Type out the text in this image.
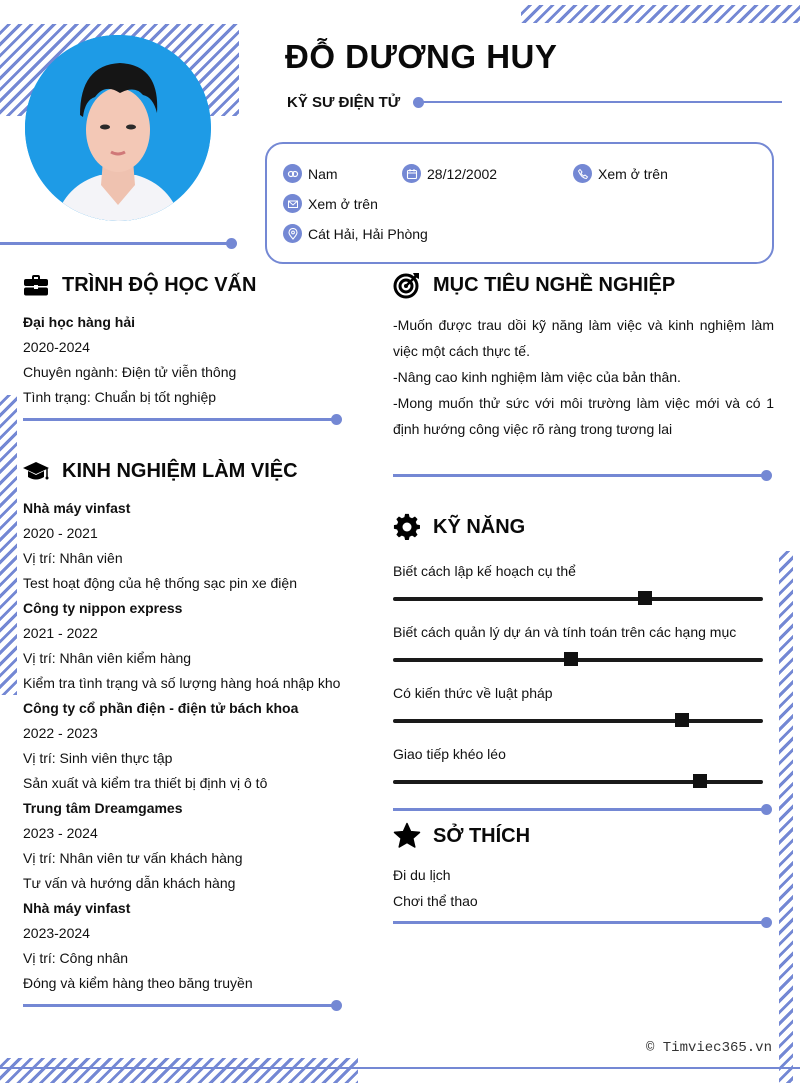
ĐỖ DƯƠNG HUY
KỸ SƯ ĐIỆN TỬ
Nam	28/12/2002	Xem ở trên
Xem ở trên
Cát Hải, Hải Phòng
TRÌNH ĐỘ HỌC VẤN
Đại học hàng hải
2020-2024
Chuyên ngành: Điện tử viễn thông
Tình trạng: Chuẩn bị tốt nghiệp
KINH NGHIỆM LÀM VIỆC
Nhà máy vinfast
2020 - 2021
Vị trí: Nhân viên
Test hoạt động của hệ thống sạc pin xe điện
Công ty nippon express
2021 - 2022
Vị trí: Nhân viên kiểm hàng
Kiểm tra tình trạng và số lượng hàng hoá nhập kho
Công ty cổ phần điện - điện tử bách khoa
2022 - 2023
Vị trí: Sinh viên thực tập
Sản xuất và kiểm tra thiết bị định vị ô tô
Trung tâm Dreamgames
2023 - 2024
Vị trí: Nhân viên tư vấn khách hàng
Tư vấn và hướng dẫn khách hàng
Nhà máy vinfast
2023-2024
Vị trí: Công nhân
Đóng và kiểm hàng theo băng truyền
MỤC TIÊU NGHỀ NGHIỆP

-Muốn được trau dồi kỹ năng làm việc và kinh nghiệm làm việc một cách thực tế.

-Nâng cao kinh nghiệm làm việc của bản thân.

-Mong muốn thử sức với môi trường làm việc mới và có 1 định hướng công việc rõ ràng trong tương lai

KỸ NĂNG
Biết cách lập kế hoạch cụ thể
Biết cách quản lý dự án và tính toán trên các hạng mục
Có kiến thức về luật pháp
Giao tiếp khéo léo
SỞ THÍCH
Đi du lịch
Chơi thể thao
© Timviec365.vn
